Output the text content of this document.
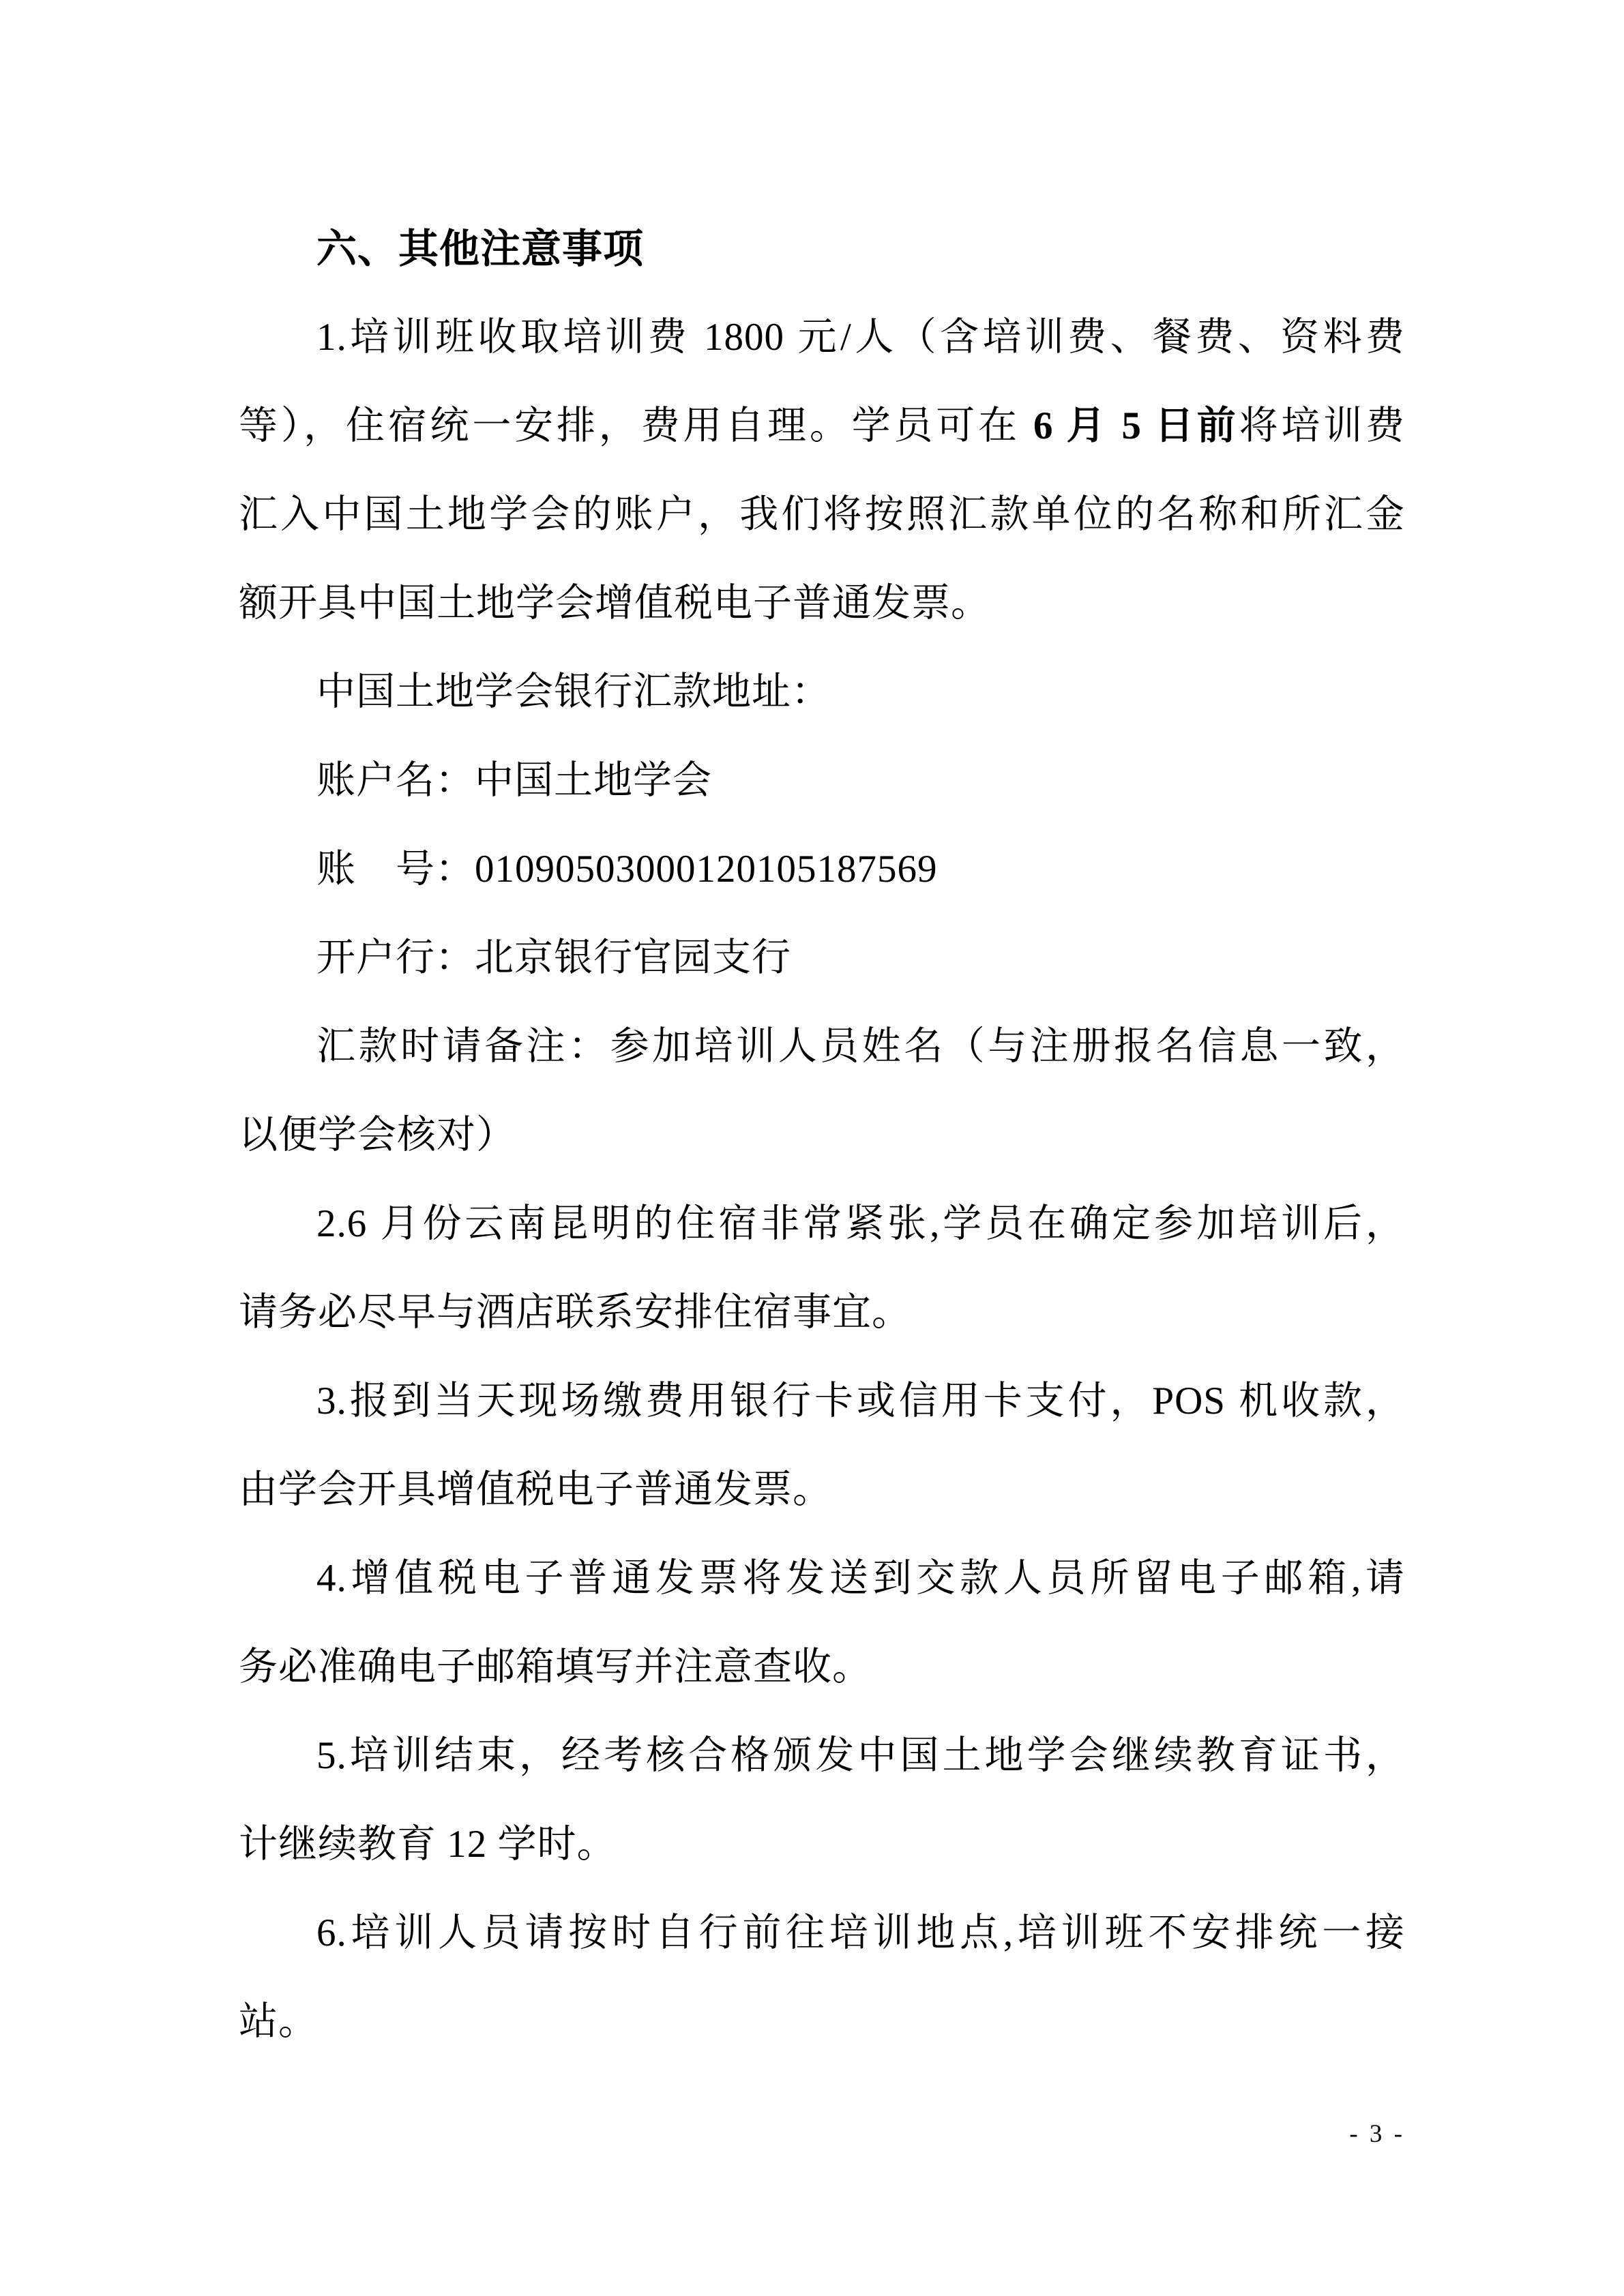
六、其他注意事项
1.培训班收取培训费 1800 元/人（含培训费、餐费、资料费
等），住宿统一安排，费用自理。学员可在 6 月 5 日前将培训费
汇入中国土地学会的账户，我们将按照汇款单位的名称和所汇金
额开具中国土地学会增值税电子普通发票。
中国土地学会银行汇款地址：
账户名：中国土地学会
账　号：01090503000120105187569
开户行：北京银行官园支行
汇款时请备注：参加培训人员姓名（与注册报名信息一致，
以便学会核对）
2.6 月份云南昆明的住宿非常紧张,学员在确定参加培训后，
请务必尽早与酒店联系安排住宿事宜。
3.报到当天现场缴费用银行卡或信用卡支付，POS 机收款，
由学会开具增值税电子普通发票。
4.增值税电子普通发票将发送到交款人员所留电子邮箱,请
务必准确电子邮箱填写并注意查收。
5.培训结束，经考核合格颁发中国土地学会继续教育证书，
计继续教育 12 学时。
6.培训人员请按时自行前往培训地点,培训班不安排统一接
站。
- 3 -
